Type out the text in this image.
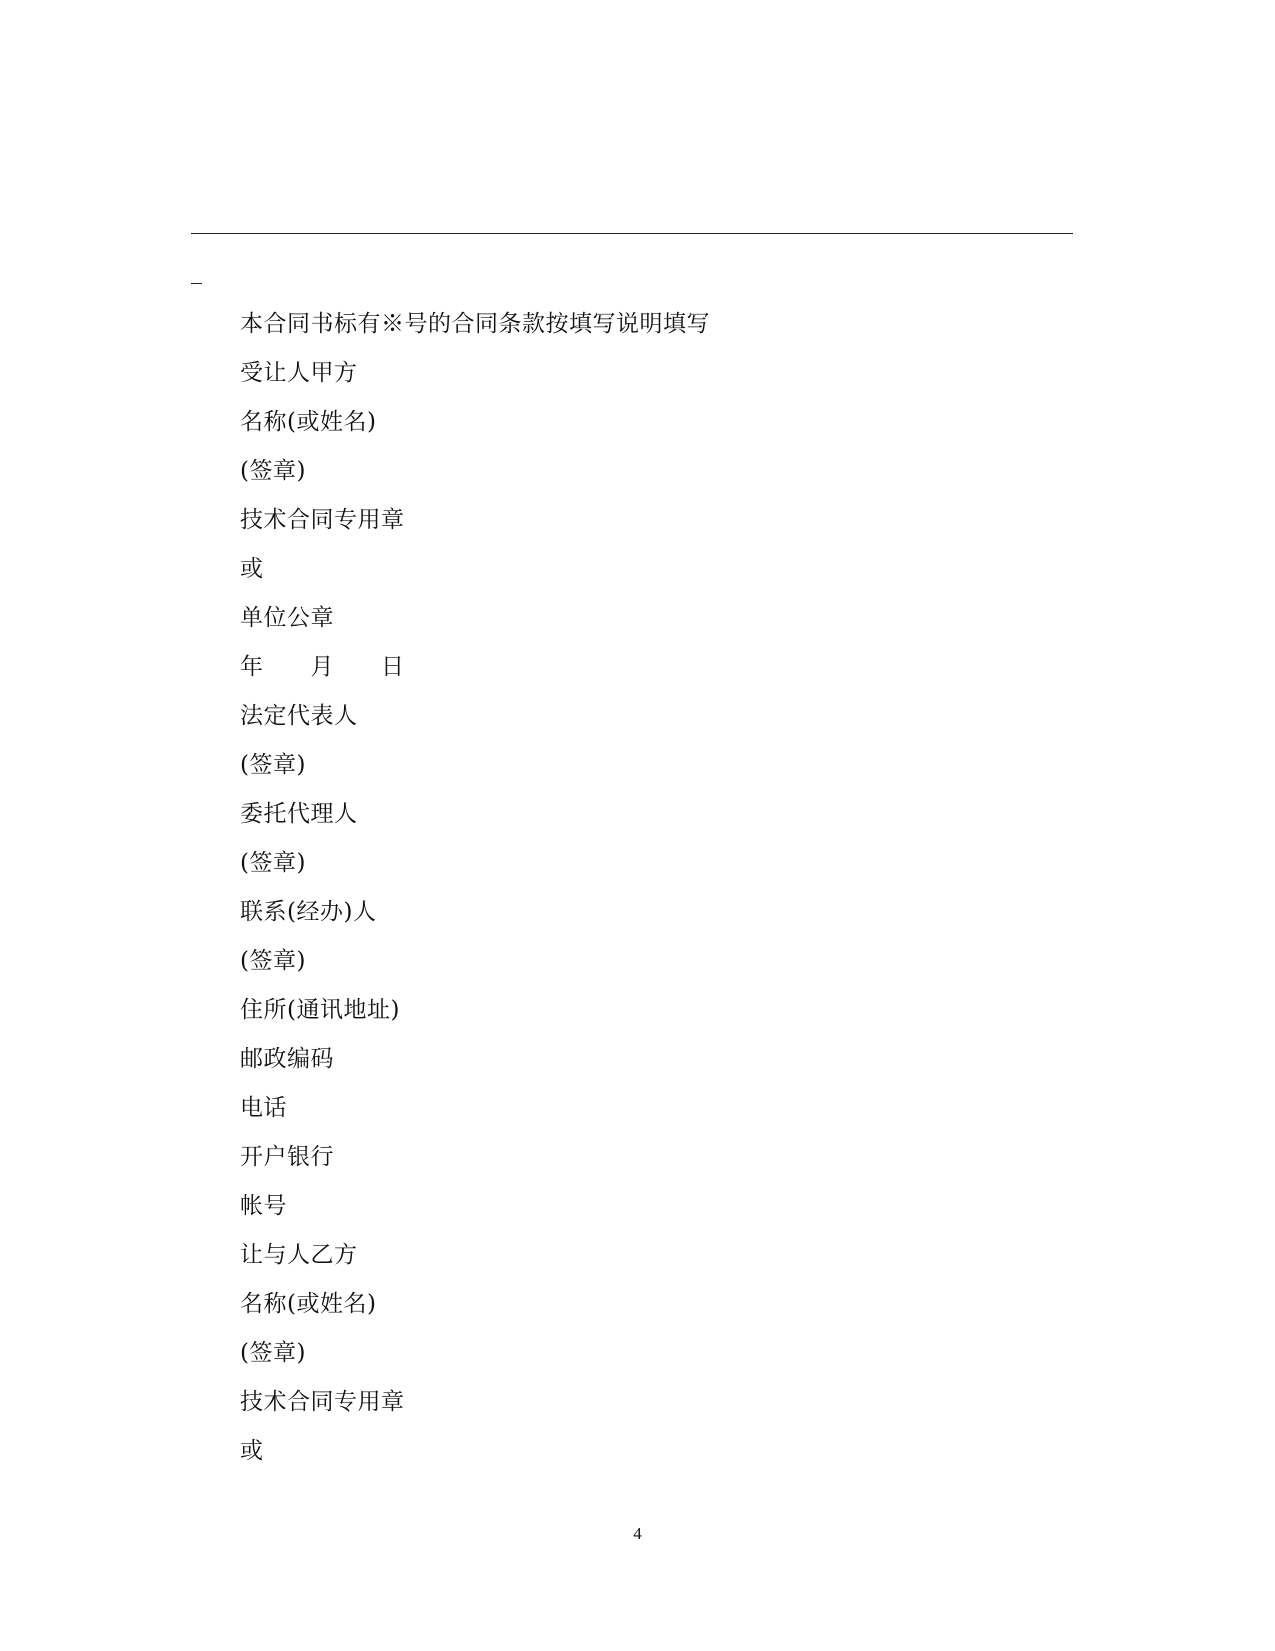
本合同书标有※号的合同条款按填写说明填写
受让人甲方
名称(或姓名)
(签章)
技术合同专用章
或
单位公章
年　　月　　日
法定代表人
(签章)
委托代理人
(签章)
联系(经办)人
(签章)
住所(通讯地址)
邮政编码
电话
开户银行
帐号
让与人乙方
名称(或姓名)
(签章)
技术合同专用章
或
4
